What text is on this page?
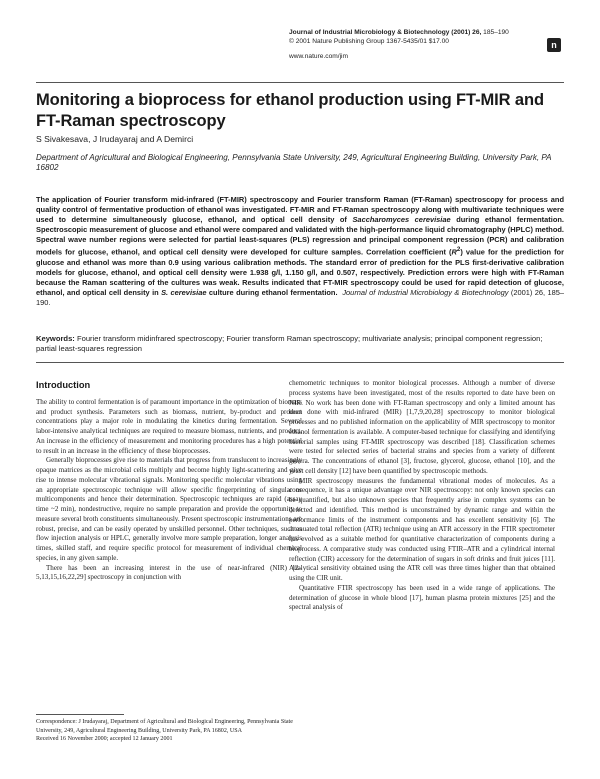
Journal of Industrial Microbiology & Biotechnology (2001) 26, 185–190
© 2001 Nature Publishing Group 1367-5435/01 $17.00
www.nature.com/jim
n
Monitoring a bioprocess for ethanol production using FT-MIR and FT-Raman spectroscopy
S Sivakesava, J Irudayaraj and A Demirci
Department of Agricultural and Biological Engineering, Pennsylvania State University, 249, Agricultural Engineering Building, University Park, PA 16802

The application of Fourier transform mid-infrared (FT-MIR) spectroscopy and Fourier transform Raman (FT-Raman) spectroscopy for process and quality control of fermentative production of ethanol was investigated. FT-MIR and FT-Raman spectroscopy along with multivariate techniques were used to determine simultaneously glucose, ethanol, and optical cell density of Saccharomyces cerevisiae during ethanol fermentation. Spectroscopic measurement of glucose and ethanol were compared and validated with the high-performance liquid chromatography (HPLC) method. Spectral wave number regions were selected for partial least-squares (PLS) regression and principal component regression (PCR) and calibration models for glucose, ethanol, and optical cell density were developed for culture samples. Correlation coefficient $(R^2)$ value for the prediction for glucose and ethanol was more than 0.9 using various calibration methods. The standard error of prediction for the PLS first-derivative calibration models for glucose, ethanol, and optical cell density were 1.938 g/l, 1.150 g/l, and 0.507, respectively. Prediction errors were high with FT-Raman because the Raman scattering of the cultures was weak. Results indicated that FT-MIR spectroscopy could be used for rapid detection of glucose, ethanol, and optical cell density in S. cerevisiae culture during ethanol fermentation. Journal of Industrial Microbiology & Biotechnology (2001) 26, 185–190.

Keywords: Fourier transform midinfrared spectroscopy; Fourier transform Raman spectroscopy; multivariate analysis; principal component regression; partial least-squares regression

Introduction

The ability to control fermentation is of paramount importance in the optimization of biomass and product synthesis. Parameters such as biomass, nutrient, by-product and product concentrations play a major role in modulating the kinetics during fermentation. Several labor-intensive analytical techniques are required to measure biomass, nutrients, and product. An increase in the efficiency of measurement and monitoring procedures has a high potential to result in an increase in the efficiency of these bioprocesses.

Generally bioprocesses give rise to materials that progress from translucent to increasingly opaque matrices as the microbial cells multiply and become highly light-scattering and give rise to intense molecular vibrational signals. Monitoring specific molecular vibrations using an appropriate spectroscopic technique will allow specific fingerprinting of singular or multicomponents and hence their determination. Spectroscopic techniques are rapid (assay time ~2 min), nondestructive, require no sample preparation and provide the opportunity to measure several broth constituents simultaneously. Present spectroscopic instrumentations are robust, precise, and can be easily operated by unskilled personnel. Other techniques, such as flow injection analysis or HPLC, generally involve more sample preparation, longer analysis times, skilled staff, and require specific protocol for measurement of individual chemical species, in any given sample.

There has been an increasing interest in the use of near-infrared (NIR) [2–5,13,15,16,22,29] spectroscopy in conjunction with

chemometric techniques to monitor biological processes. Although a number of diverse process systems have been investigated, most of the results reported to date have been on NIR. No work has been done with FT-Raman spectroscopy and only a limited amount has been done with mid-infrared (MIR) [1,7,9,20,28] spectroscopy to monitor biological processes and no published information on the applicability of MIR spectroscopy to monitor ethanol fermentation is available. A computer-based technique for classifying and identifying bacterial samples using FT-MIR spectroscopy was described [18]. Classification schemes were tested for selected series of bacterial strains and species from a variety of different genera. The concentrations of ethanol [3], fructose, glycerol, glucose, ethanol [10], and the yeast cell density [12] have been quantified by spectroscopic methods.

MIR spectroscopy measures the fundamental vibrational modes of molecules. As a consequence, it has a unique advantage over NIR spectroscopy: not only known species can be quantified, but also unknown species that frequently arise in complex systems can be detected and identified. This method is unconstrained by dynamic range and within the performance limits of the instrument components and has excellent sensitivity [6]. The attenuated total reflection (ATR) technique using an ATR accessory in the FTIR spectrometer has evolved as a suitable method for quantitative characterization of components during a bioprocess. A comparative study was conducted using FTIR–ATR and a cylindrical internal reflection (CIR) accessory for the determination of sugars in soft drinks and fruit juices [11]. Analytical sensitivity obtained using the ATR cell was three times higher than that obtained using the CIR unit.

Quantitative FTIR spectroscopy has been used in a wide range of applications. The determination of glucose in whole blood [17], human plasma protein mixtures [25] and the spectral analysis of

Correspondence: J Irudayaraj, Department of Agricultural and Biological Engineering, Pennsylvania State University, 249, Agricultural Engineering Building, University Park, PA 16802, USA
Received 16 November 2000; accepted 12 January 2001
